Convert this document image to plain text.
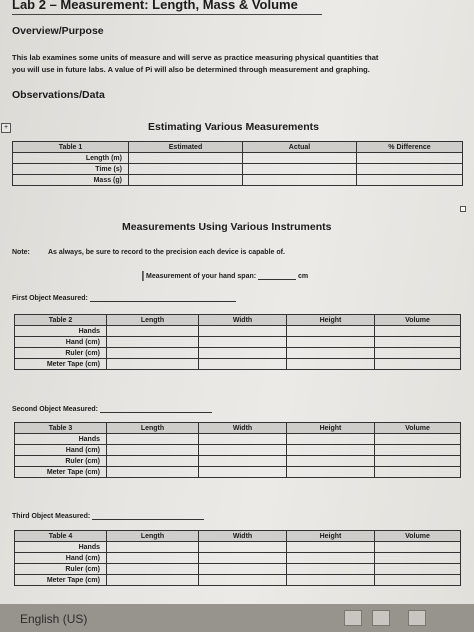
Lab 2 – Measurement: Length, Mass & Volume

Overview/Purpose

This lab examines some units of measure and will serve as practice measuring physical quantities that

you will use in future labs. A value of Pi will also be determined through measurement and graphing.

Observations/Data

Estimating Various Measurements

+
Table 1	Estimated	Actual	% Difference
Length (m)			
Time (s)			
Mass (g)			

Measurements Using Various Instruments

Note:	As always, be sure to record to the precision each device is capable of.

Measurement of your hand span:	cm

I

First Object Measured:

Table 2	Length	Width	Height	Volume
Hands				
Hand (cm)				
Ruler (cm)				
Meter Tape (cm)				

Second Object Measured:

Table 3	Length	Width	Height	Volume
Hands				
Hand (cm)				
Ruler (cm)				
Meter Tape (cm)				

Third Object Measured:

Table 4	Length	Width	Height	Volume
Hands				
Hand (cm)				
Ruler (cm)				
Meter Tape (cm)				
English (US)
